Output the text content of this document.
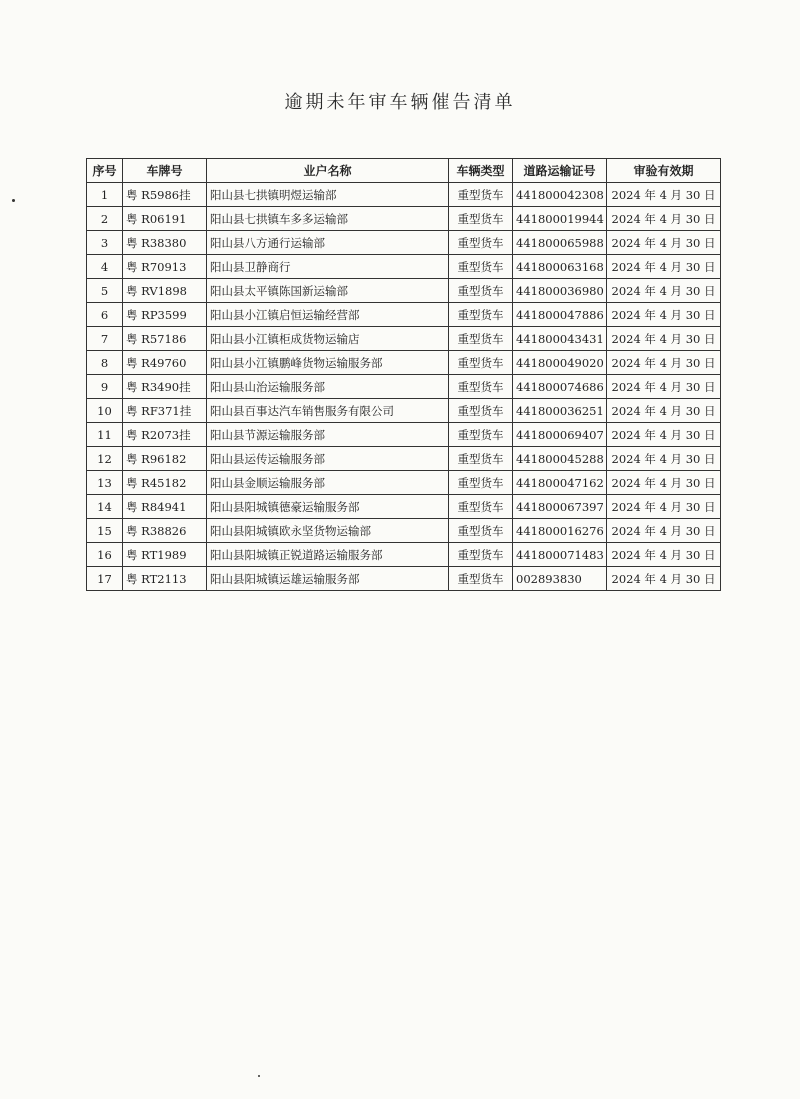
逾期未年审车辆催告清单
序号	车牌号	业户名称	车辆类型	道路运输证号	审验有效期
1	粤 R5986挂	阳山县七拱镇明煜运输部	重型货车	441800042308	2024 年 4 月 30 日
2	粤 R06191	阳山县七拱镇车多多运输部	重型货车	441800019944	2024 年 4 月 30 日
3	粤 R38380	阳山县八方通行运输部	重型货车	441800065988	2024 年 4 月 30 日
4	粤 R70913	阳山县卫静商行	重型货车	441800063168	2024 年 4 月 30 日
5	粤 RV1898	阳山县太平镇陈国新运输部	重型货车	441800036980	2024 年 4 月 30 日
6	粤 RP3599	阳山县小江镇启恒运输经营部	重型货车	441800047886	2024 年 4 月 30 日
7	粤 R57186	阳山县小江镇柜成货物运输店	重型货车	441800043431	2024 年 4 月 30 日
8	粤 R49760	阳山县小江镇鹏峰货物运输服务部	重型货车	441800049020	2024 年 4 月 30 日
9	粤 R3490挂	阳山县山治运输服务部	重型货车	441800074686	2024 年 4 月 30 日
10	粤 RF371挂	阳山县百事达汽车销售服务有限公司	重型货车	441800036251	2024 年 4 月 30 日
11	粤 R2073挂	阳山县节源运输服务部	重型货车	441800069407	2024 年 4 月 30 日
12	粤 R96182	阳山县运传运输服务部	重型货车	441800045288	2024 年 4 月 30 日
13	粤 R45182	阳山县金顺运输服务部	重型货车	441800047162	2024 年 4 月 30 日
14	粤 R84941	阳山县阳城镇德豪运输服务部	重型货车	441800067397	2024 年 4 月 30 日
15	粤 R38826	阳山县阳城镇欧永坚货物运输部	重型货车	441800016276	2024 年 4 月 30 日
16	粤 RT1989	阳山县阳城镇正锐道路运输服务部	重型货车	441800071483	2024 年 4 月 30 日
17	粤 RT2113	阳山县阳城镇运雄运输服务部	重型货车	002893830	2024 年 4 月 30 日
